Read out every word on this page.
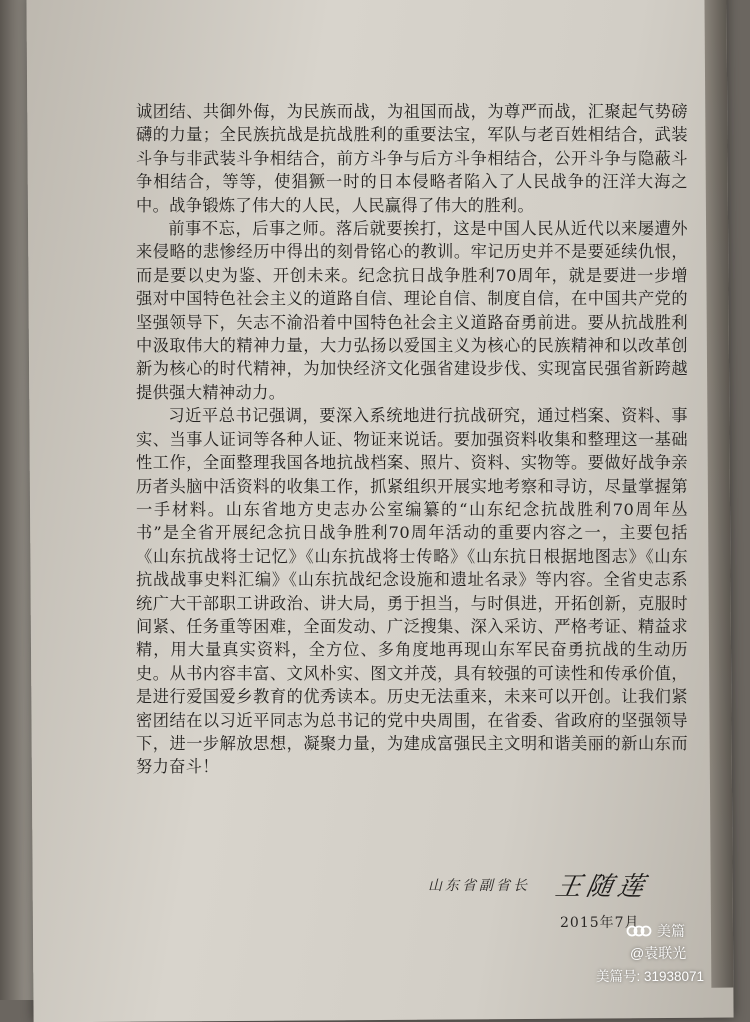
诚团结、共御外侮，为民族而战，为祖国而战，为尊严而战，汇聚起气势磅礴的力量；全民族抗战是抗战胜利的重要法宝，军队与老百姓相结合，武装斗争与非武装斗争相结合，前方斗争与后方斗争相结合，公开斗争与隐蔽斗争相结合，等等，使猖獗一时的日本侵略者陷入了人民战争的汪洋大海之中。战争锻炼了伟大的人民，人民赢得了伟大的胜利。

前事不忘，后事之师。落后就要挨打，这是中国人民从近代以来屡遭外来侵略的悲惨经历中得出的刻骨铭心的教训。牢记历史并不是要延续仇恨，而是要以史为鉴、开创未来。纪念抗日战争胜利70周年，就是要进一步增强对中国特色社会主义的道路自信、理论自信、制度自信，在中国共产党的坚强领导下，矢志不渝沿着中国特色社会主义道路奋勇前进。要从抗战胜利中汲取伟大的精神力量，大力弘扬以爱国主义为核心的民族精神和以改革创新为核心的时代精神，为加快经济文化强省建设步伐、实现富民强省新跨越提供强大精神动力。

习近平总书记强调，要深入系统地进行抗战研究，通过档案、资料、事实、当事人证词等各种人证、物证来说话。要加强资料收集和整理这一基础性工作，全面整理我国各地抗战档案、照片、资料、实物等。要做好战争亲历者头脑中活资料的收集工作，抓紧组织开展实地考察和寻访，尽量掌握第一手材料。山东省地方史志办公室编纂的“山东纪念抗战胜利70周年丛书”是全省开展纪念抗日战争胜利70周年活动的重要内容之一，主要包括《山东抗战将士记忆》《山东抗战将士传略》《山东抗日根据地图志》《山东抗战战事史料汇编》《山东抗战纪念设施和遗址名录》等内容。全省史志系统广大干部职工讲政治、讲大局，勇于担当，与时俱进，开拓创新，克服时间紧、任务重等困难，全面发动、广泛搜集、深入采访、严格考证、精益求精，用大量真实资料，全方位、多角度地再现山东军民奋勇抗战的生动历史。从书内容丰富、文风朴实、图文并茂，具有较强的可读性和传承价值，是进行爱国爱乡教育的优秀读本。历史无法重来，未来可以开创。让我们紧密团结在以习近平同志为总书记的党中央周围，在省委、省政府的坚强领导下，进一步解放思想，凝聚力量，为建成富强民主文明和谐美丽的新山东而努力奋斗！

山东省副省长 王随莲
2015年7月 美篇
@袁联光
美篇号: 31938071
